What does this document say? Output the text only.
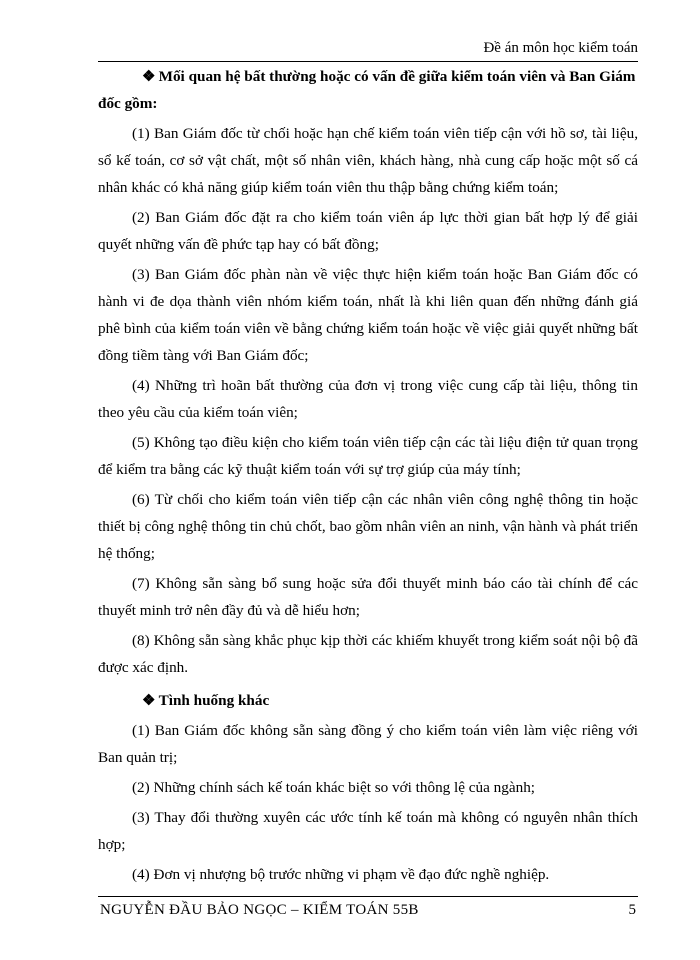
Đề án môn học kiểm toán

❖ Mối quan hệ bất thường hoặc có vấn đề giữa kiểm toán viên và Ban Giám đốc gồm:

(1) Ban Giám đốc từ chối hoặc hạn chế kiểm toán viên tiếp cận với hồ sơ, tài liệu, sổ kế toán, cơ sở vật chất, một số nhân viên, khách hàng, nhà cung cấp hoặc một số cá nhân khác có khả năng giúp kiểm toán viên thu thập bằng chứng kiểm toán;

(2) Ban Giám đốc đặt ra cho kiểm toán viên áp lực thời gian bất hợp lý để giải quyết những vấn đề phức tạp hay có bất đồng;

(3) Ban Giám đốc phàn nàn về việc thực hiện kiểm toán hoặc Ban Giám đốc có hành vi đe dọa thành viên nhóm kiểm toán, nhất là khi liên quan đến những đánh giá phê bình của kiểm toán viên về bằng chứng kiểm toán hoặc về việc giải quyết những bất đồng tiềm tàng với Ban Giám đốc;

(4) Những trì hoãn bất thường của đơn vị trong việc cung cấp tài liệu, thông tin theo yêu cầu của kiểm toán viên;

(5) Không tạo điều kiện cho kiểm toán viên tiếp cận các tài liệu điện tử quan trọng để kiểm tra bằng các kỹ thuật kiểm toán với sự trợ giúp của máy tính;

(6) Từ chối cho kiểm toán viên tiếp cận các nhân viên công nghệ thông tin hoặc thiết bị công nghệ thông tin chủ chốt, bao gồm nhân viên an ninh, vận hành và phát triển hệ thống;

(7) Không sẵn sàng bổ sung hoặc sửa đổi thuyết minh báo cáo tài chính để các thuyết minh trở nên đầy đủ và dễ hiểu hơn;

(8) Không sẵn sàng khắc phục kịp thời các khiếm khuyết trong kiểm soát nội bộ đã được xác định.

❖ Tình huống khác

(1) Ban Giám đốc không sẵn sàng đồng ý cho kiểm toán viên làm việc riêng với Ban quản trị;

(2) Những chính sách kế toán khác biệt so với thông lệ của ngành;

(3) Thay đổi thường xuyên các ước tính kế toán mà không có nguyên nhân thích hợp;

(4) Đơn vị nhượng bộ trước những vi phạm về đạo đức nghề nghiệp.

NGUYỄN ĐẦU BẢO NGỌC – KIỂM TOÁN 55B	5
